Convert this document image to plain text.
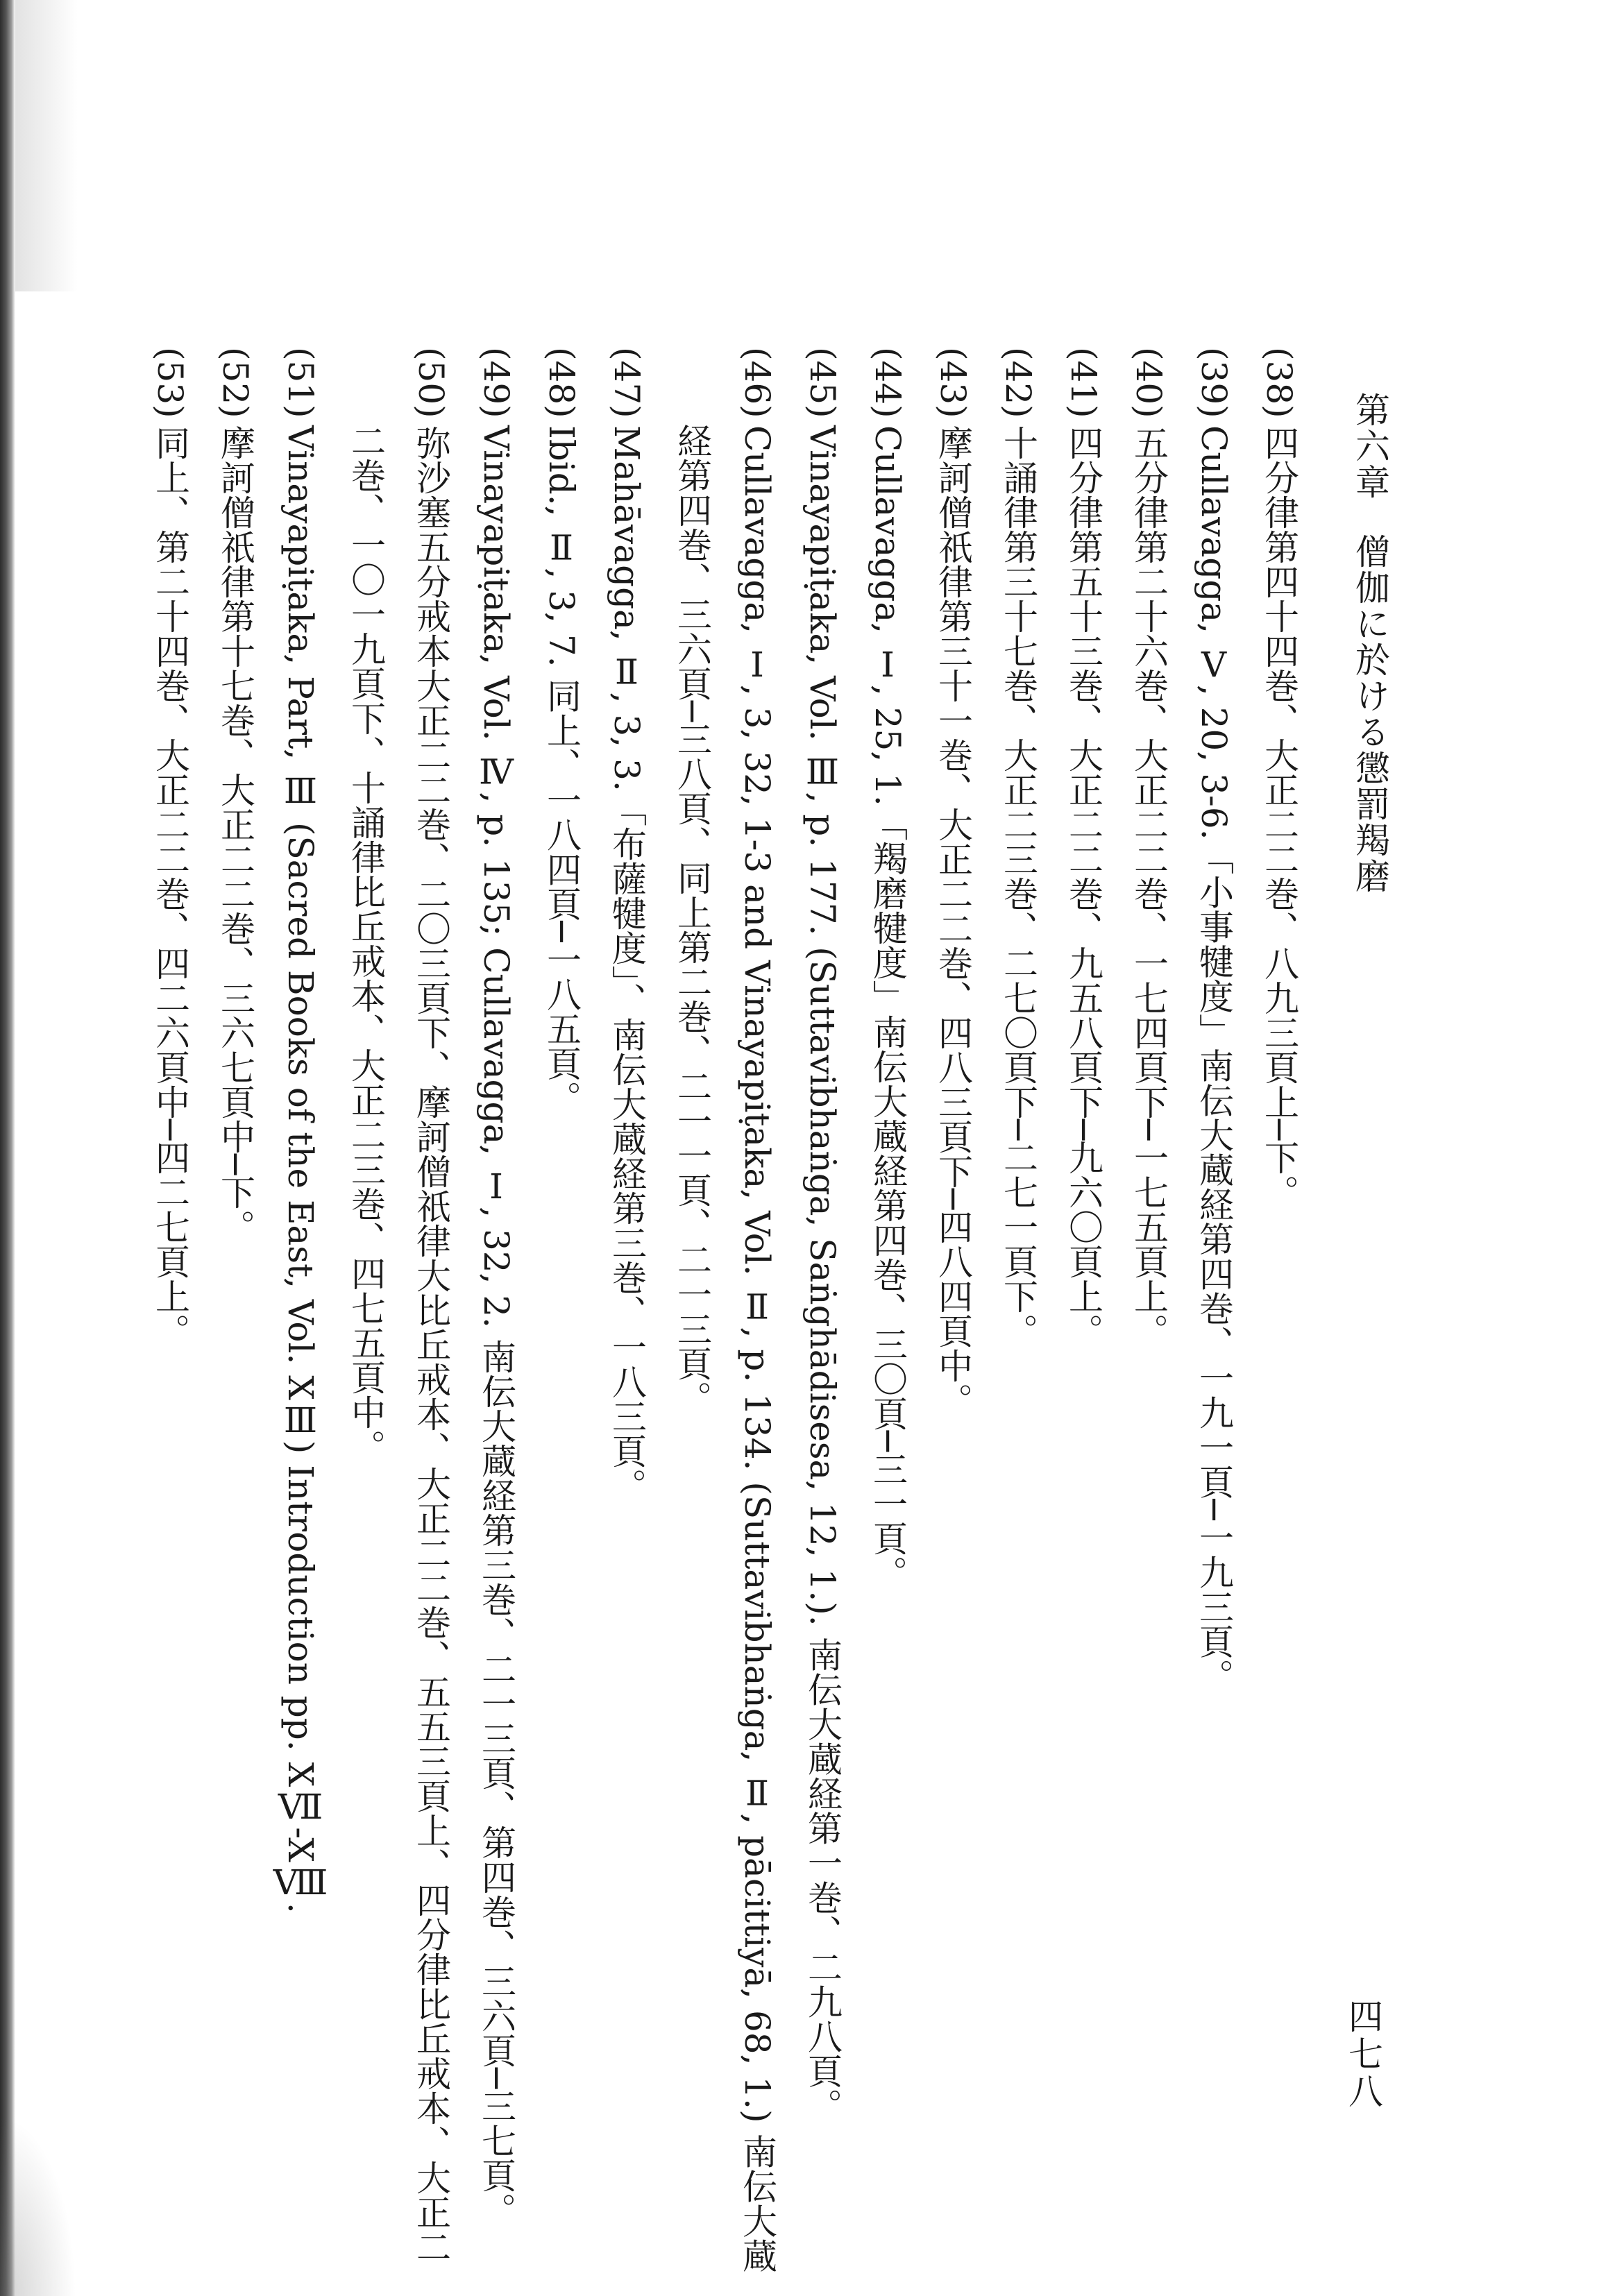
四七八
第六章僧伽に於ける懲罰羯磨
(38)四分律第四十四巻、大正二二巻、八九三頁上─下。
(39)Cullavagga, Ⅴ, 20, 3-6.「小事犍度」南伝大蔵経第四巻、一九一頁─一九三頁。
(40)五分律第二十六巻、大正二二巻、一七四頁下─一七五頁上。
(41)四分律第五十三巻、大正二二巻、九五八頁下─九六〇頁上。
(42)十誦律第三十七巻、大正二三巻、二七〇頁下─二七一頁下。
(43)摩訶僧祇律第三十一巻、大正二二巻、四八三頁下─四八四頁中。
(44)Cullavagga, Ⅰ, 25, 1.「羯磨犍度」南伝大蔵経第四巻、三〇頁─三一頁。
(45)Vinayapiṭaka, Vol. Ⅲ, p. 177. (Suttavibhaṅga, Saṅghādisesa, 12, 1.). 南伝大蔵経第一巻、二九八頁。
(46)Cullavagga, Ⅰ, 3, 32, 1-3 and Vinayapiṭaka, Vol. Ⅱ, p. 134. (Suttavibhaṅga, Ⅱ, pācittiyā, 68, 1.) 南伝大蔵
経第四巻、三六頁─三八頁、同上第二巻、二一一頁、二一三頁。
(47)Mahāvagga, Ⅱ, 3, 3.「布薩犍度」、南伝大蔵経第三巻、一八三頁。
(48)Ibid., Ⅱ, 3, 7. 同上、一八四頁─一八五頁。
(49)Vinayapiṭaka, Vol. Ⅳ, p. 135; Cullavagga, Ⅰ, 32, 2. 南伝大蔵経第三巻、二一三頁、第四巻、三六頁─三七頁。
(50)弥沙塞五分戒本大正二二巻、二〇三頁下、摩訶僧祇律大比丘戒本、大正二二巻、五五三頁上、四分律比丘戒本、大正二
二巻、一〇一九頁下、十誦律比丘戒本、大正二三巻、四七五頁中。
(51)Vinayapiṭaka, Part, Ⅲ (Sacred Books of the East, Vol. XⅢ) Introduction pp. XⅦ-XⅧ.
(52)摩訶僧祇律第十七巻、大正二二巻、三六七頁中─下。
(53)同上、第二十四巻、大正二二巻、四二六頁中─四二七頁上。
